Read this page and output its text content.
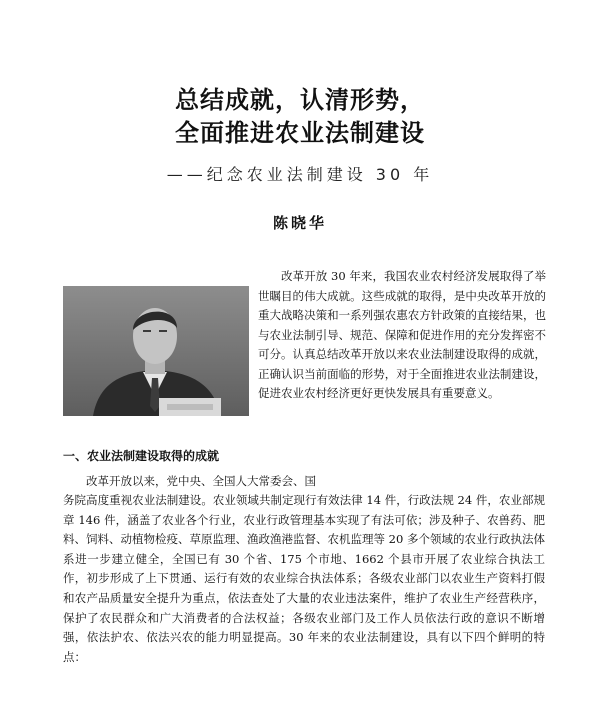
总结成就，认清形势，
全面推进农业法制建设

——纪念农业法制建设 30 年

陈晓华

改革开放 30 年来，我国农业农村经济发展取得了举世瞩目的伟大成就。这些成就的取得，是中央改革开放的重大战略决策和一系列强农惠农方针政策的直接结果，也与农业法制引导、规范、保障和促进作用的充分发挥密不可分。认真总结改革开放以来农业法制建设取得的成就，正确认识当前面临的形势，对于全面推进农业法制建设，促进农业农村经济更好更快发展具有重要意义。

一、农业法制建设取得的成就

改革开放以来，党中央、全国人大常委会、国

务院高度重视农业法制建设。农业领域共制定现行有效法律 14 件，行政法规 24 件，农业部规章 146 件，涵盖了农业各个行业，农业行政管理基本实现了有法可依；涉及种子、农兽药、肥料、饲料、动植物检疫、草原监理、渔政渔港监督、农机监理等 20 多个领域的农业行政执法体系进一步建立健全，全国已有 30 个省、175 个市地、1662 个县市开展了农业综合执法工作，初步形成了上下贯通、运行有效的农业综合执法体系；各级农业部门以农业生产资料打假和农产品质量安全提升为重点，依法查处了大量的农业违法案件，维护了农业生产经营秩序，保护了农民群众和广大消费者的合法权益；各级农业部门及工作人员依法行政的意识不断增强，依法护农、依法兴农的能力明显提高。30 年来的农业法制建设，具有以下四个鲜明的特点：
